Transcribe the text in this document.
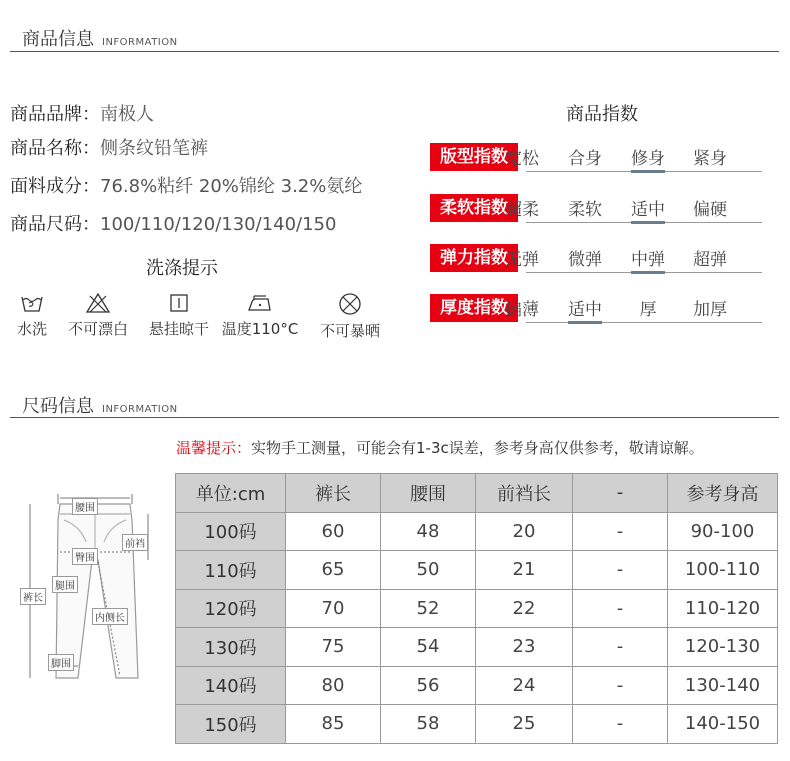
商品信息 INFORMATION
商品品牌：南极人
商品名称：侧条纹铅笔裤
面料成分：76.8%粘纤 20%锦纶 3.2%氨纶
商品尺码：100/110/120/130/140/150
洗涤提示
水洗	不可漂白	悬挂晾干 温度110°C	不可暴晒
商品指数
版型指数
宽松	合身	修身	紧身
柔软指数
超柔	柔软	适中	偏硬
弹力指数
无弹	微弹	中弹	超弹
厚度指数
偏薄	适中	厚	加厚
尺码信息 INFORMATION
温馨提示：实物手工测量，可能会有1-3c误差，参考身高仅供参考，敬请谅解。
腰围
臀围
前裆
腿围
裤长
内侧长
脚围
单位:cm	裤长	腰围	前裆长	-	参考身高
100码	60	48	20	-	90-100
110码	65	50	21	-	100-110
120码	70	52	22	-	110-120
130码	75	54	23	-	120-130
140码	80	56	24	-	130-140
150码	85	58	25	-	140-150
